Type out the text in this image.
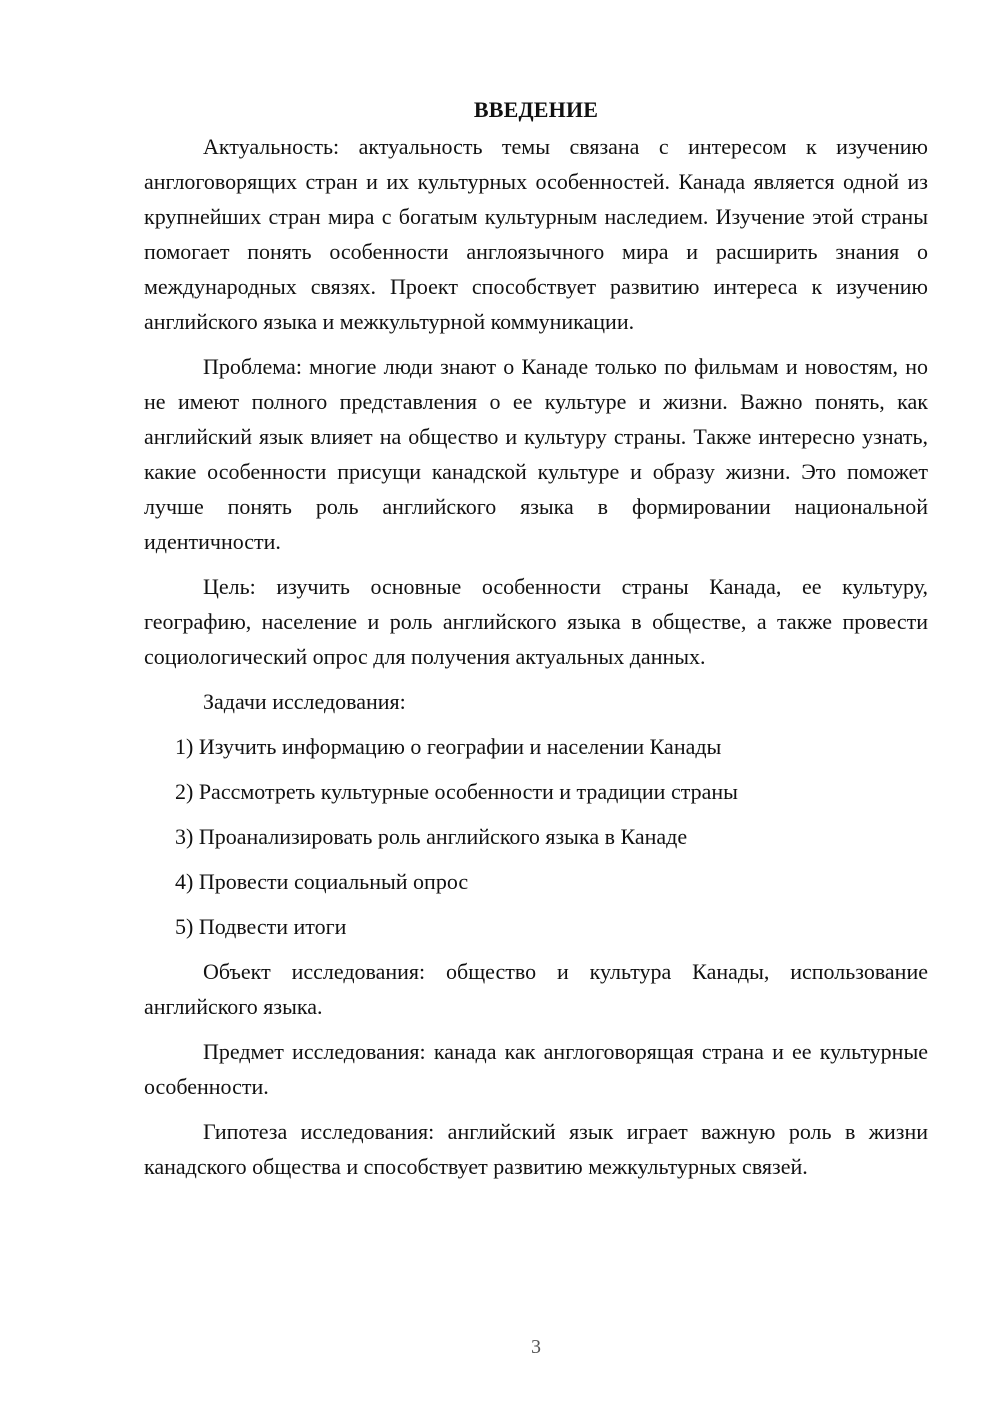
ВВЕДЕНИЕ

Актуальность: актуальность темы связана с интересом к изучению англоговорящих стран и их культурных особенностей. Канада является одной из крупнейших стран мира с богатым культурным наследием. Изучение этой страны помогает понять особенности англоязычного мира и расширить знания о международных связях. Проект способствует развитию интереса к изучению английского языка и межкультурной коммуникации.

Проблема: многие люди знают о Канаде только по фильмам и новостям, но не имеют полного представления о ее культуре и жизни. Важно понять, как английский язык влияет на общество и культуру страны. Также интересно узнать, какие особенности присущи канадской культуре и образу жизни. Это поможет лучше понять роль английского языка в формировании национальной идентичности.

Цель: изучить основные особенности страны Канада, ее культуру, географию, население и роль английского языка в обществе, а также провести социологический опрос для получения актуальных данных.

Задачи исследования:

1) Изучить информацию о географии и населении Канады
2) Рассмотреть культурные особенности и традиции страны
3) Проанализировать роль английского языка в Канаде
4) Провести социальный опрос
5) Подвести итоги

Объект исследования: общество и культура Канады, использование английского языка.

Предмет исследования: канада как англоговорящая страна и ее культурные особенности.

Гипотеза исследования: английский язык играет важную роль в жизни канадского общества и способствует развитию межкультурных связей.

3
